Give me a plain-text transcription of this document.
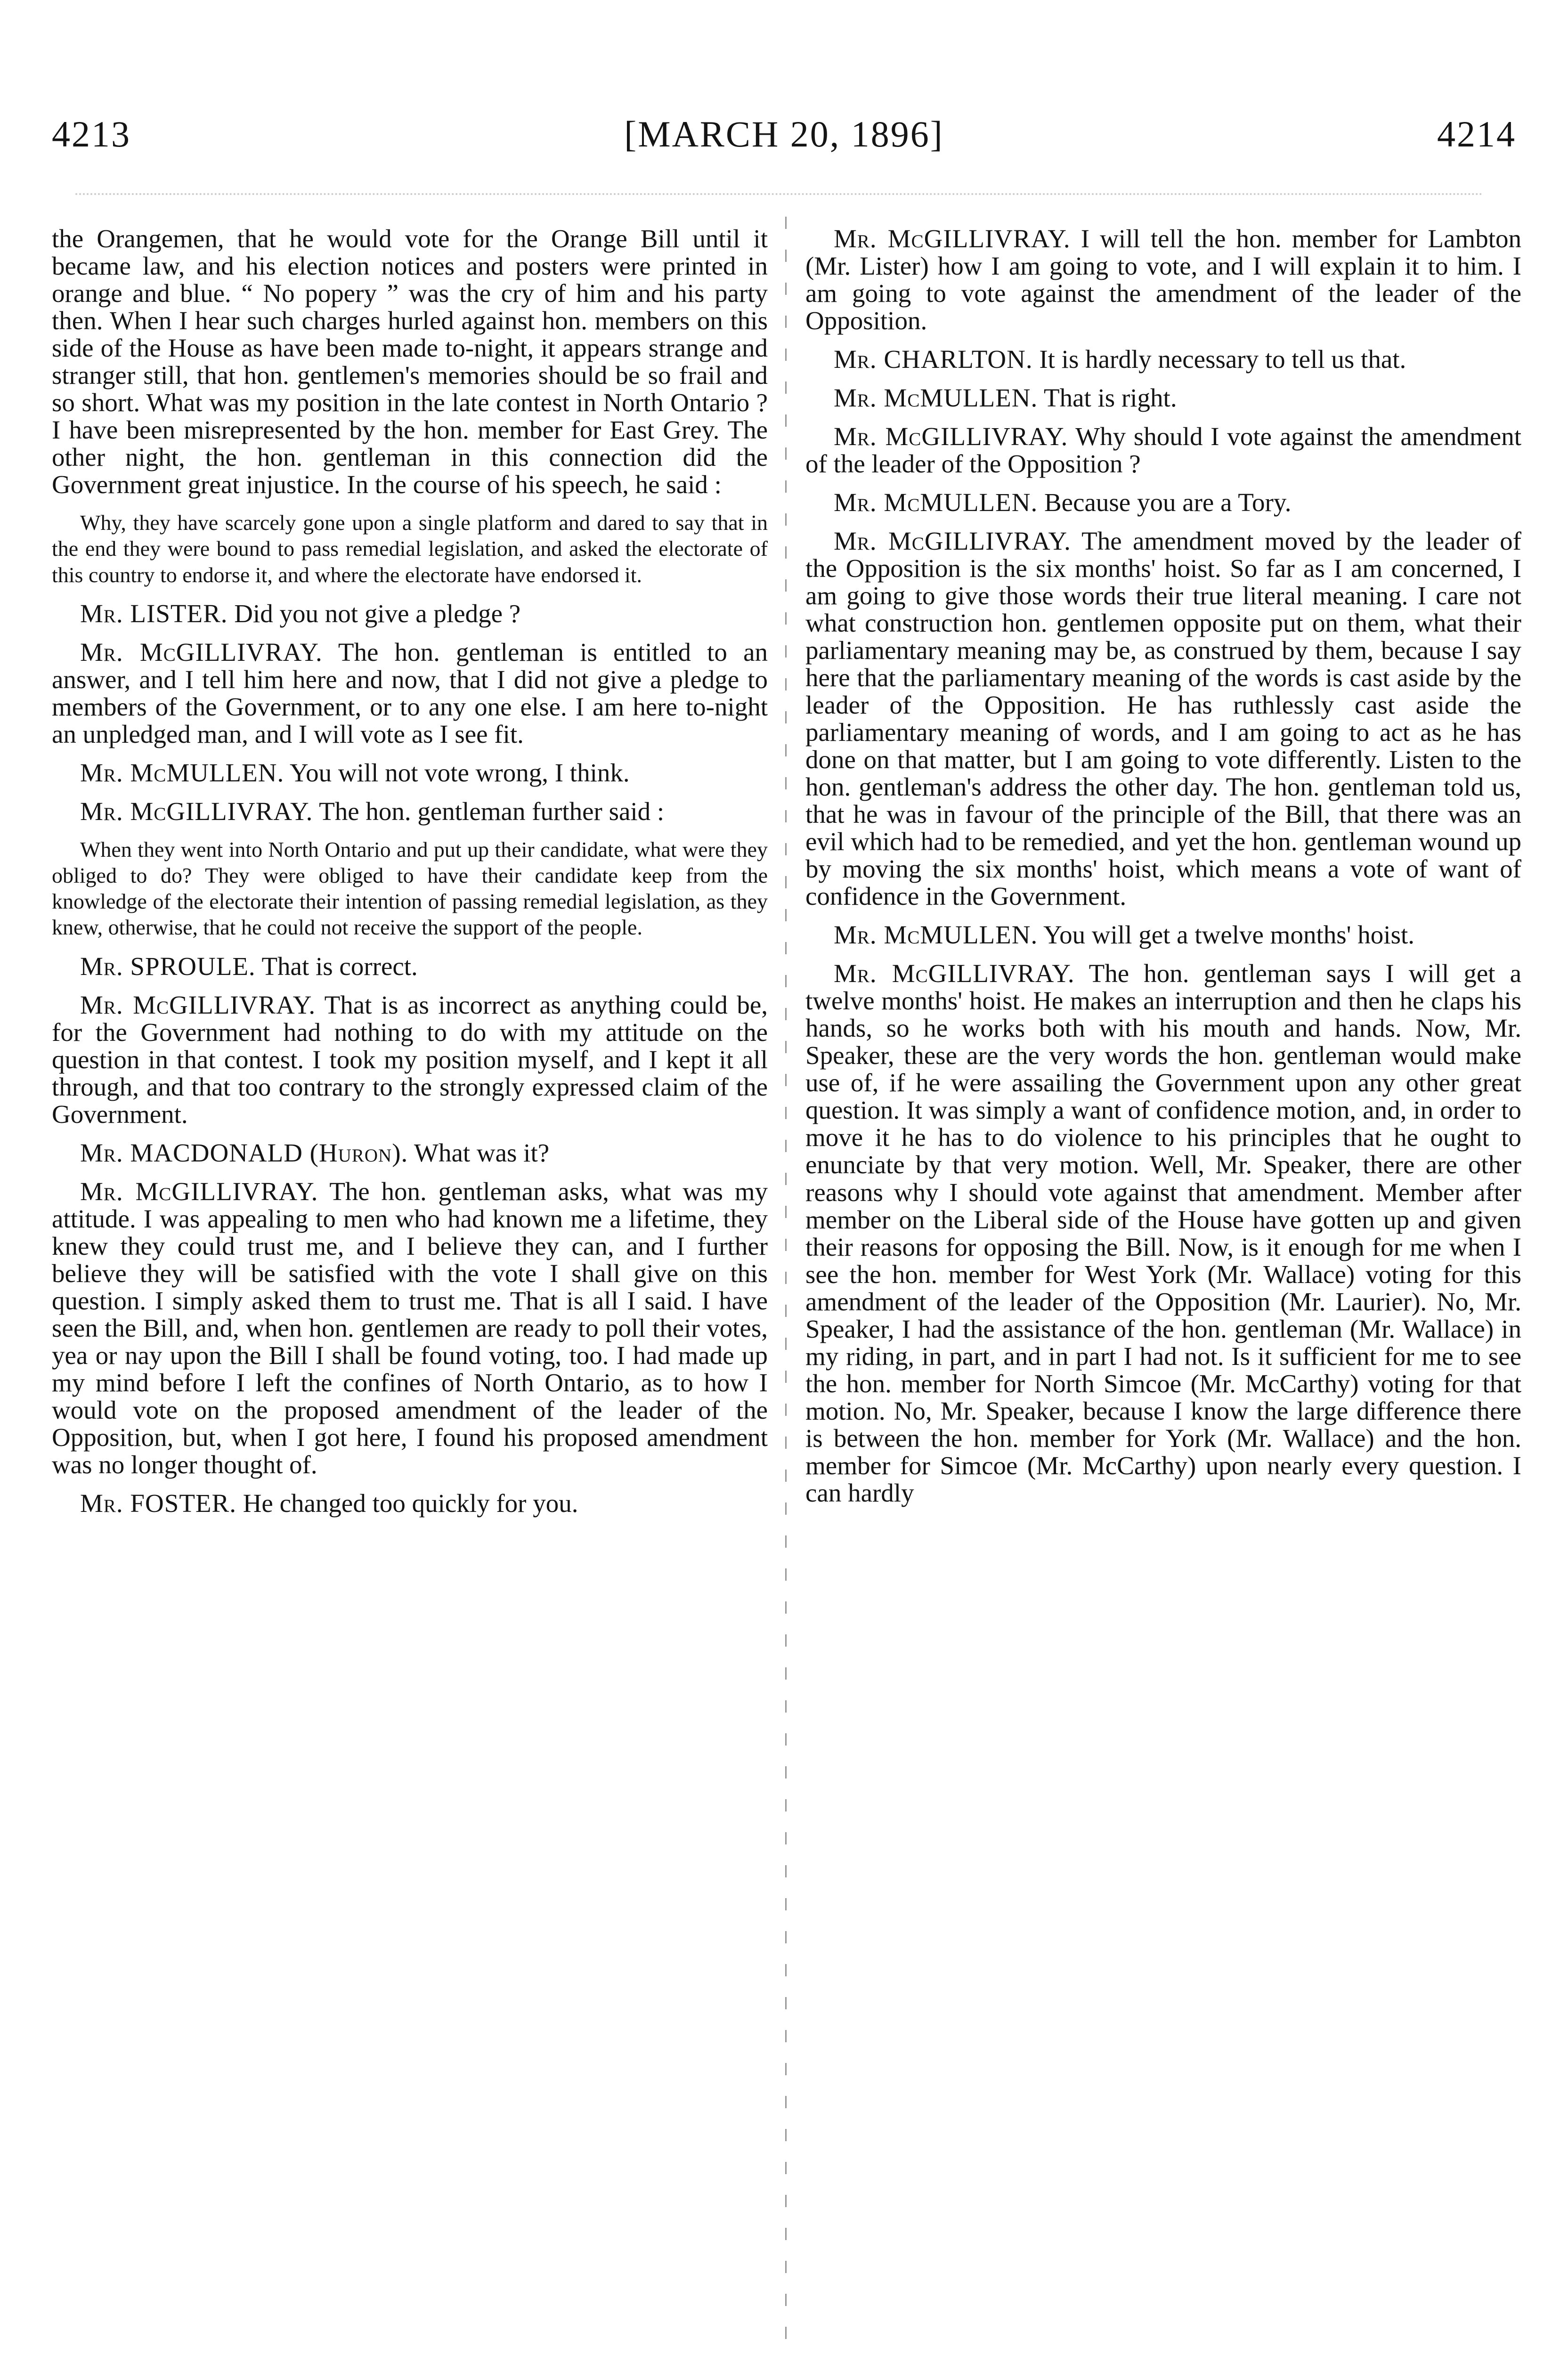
4213	[MARCH 20, 1896]	4214

the Orangemen, that he would vote for the Orange Bill until it became law, and his election notices and posters were printed in orange and blue. “ No popery ” was the cry of him and his party then. When I hear such charges hurled against hon. members on this side of the House as have been made to-night, it appears strange and stranger still, that hon. gentlemen's memories should be so frail and so short. What was my position in the late contest in North Ontario ? I have been misrepresented by the hon. member for East Grey. The other night, the hon. gentleman in this connection did the Government great injustice. In the course of his speech, he said :

Why, they have scarcely gone upon a single platform and dared to say that in the end they were bound to pass remedial legislation, and asked the electorate of this country to endorse it, and where the electorate have endorsed it.

Mr. LISTER. Did you not give a pledge ?

Mr. McGILLIVRAY. The hon. gentleman is entitled to an answer, and I tell him here and now, that I did not give a pledge to members of the Government, or to any one else. I am here to-night an unpledged man, and I will vote as I see fit.

Mr. McMULLEN. You will not vote wrong, I think.

Mr. McGILLIVRAY. The hon. gentleman further said :

When they went into North Ontario and put up their candidate, what were they obliged to do? They were obliged to have their candidate keep from the knowledge of the electorate their intention of passing remedial legislation, as they knew, otherwise, that he could not receive the support of the people.

Mr. SPROULE. That is correct.

Mr. McGILLIVRAY. That is as incorrect as anything could be, for the Government had nothing to do with my attitude on the question in that contest. I took my position myself, and I kept it all through, and that too contrary to the strongly expressed claim of the Government.

Mr. MACDONALD (Huron). What was it?

Mr. McGILLIVRAY. The hon. gentleman asks, what was my attitude. I was appealing to men who had known me a lifetime, they knew they could trust me, and I believe they can, and I further believe they will be satisfied with the vote I shall give on this question. I simply asked them to trust me. That is all I said. I have seen the Bill, and, when hon. gentlemen are ready to poll their votes, yea or nay upon the Bill I shall be found voting, too. I had made up my mind before I left the confines of North Ontario, as to how I would vote on the proposed amendment of the leader of the Opposition, but, when I got here, I found his proposed amendment was no longer thought of.

Mr. FOSTER. He changed too quickly for you.

Mr. McGILLIVRAY. I will tell the hon. member for Lambton (Mr. Lister) how I am going to vote, and I will explain it to him. I am going to vote against the amendment of the leader of the Opposition.

Mr. CHARLTON. It is hardly necessary to tell us that.

Mr. McMULLEN. That is right.

Mr. McGILLIVRAY. Why should I vote against the amendment of the leader of the Opposition ?

Mr. McMULLEN. Because you are a Tory.

Mr. McGILLIVRAY. The amendment moved by the leader of the Opposition is the six months' hoist. So far as I am concerned, I am going to give those words their true literal meaning. I care not what construction hon. gentlemen opposite put on them, what their parliamentary meaning may be, as construed by them, because I say here that the parliamentary meaning of the words is cast aside by the leader of the Opposition. He has ruthlessly cast aside the parliamentary meaning of words, and I am going to act as he has done on that matter, but I am going to vote differently. Listen to the hon. gentleman's address the other day. The hon. gentleman told us, that he was in favour of the principle of the Bill, that there was an evil which had to be remedied, and yet the hon. gentleman wound up by moving the six months' hoist, which means a vote of want of confidence in the Government.

Mr. McMULLEN. You will get a twelve months' hoist.

Mr. McGILLIVRAY. The hon. gentleman says I will get a twelve months' hoist. He makes an interruption and then he claps his hands, so he works both with his mouth and hands. Now, Mr. Speaker, these are the very words the hon. gentleman would make use of, if he were assailing the Government upon any other great question. It was simply a want of confidence motion, and, in order to move it he has to do violence to his principles that he ought to enunciate by that very motion. Well, Mr. Speaker, there are other reasons why I should vote against that amendment. Member after member on the Liberal side of the House have gotten up and given their reasons for opposing the Bill. Now, is it enough for me when I see the hon. member for West York (Mr. Wallace) voting for this amendment of the leader of the Opposition (Mr. Laurier). No, Mr. Speaker, I had the assistance of the hon. gentleman (Mr. Wallace) in my riding, in part, and in part I had not. Is it sufficient for me to see the hon. member for North Simcoe (Mr. McCarthy) voting for that motion. No, Mr. Speaker, because I know the large difference there is between the hon. member for York (Mr. Wallace) and the hon. member for Simcoe (Mr. McCarthy) upon nearly every question. I can hardly
